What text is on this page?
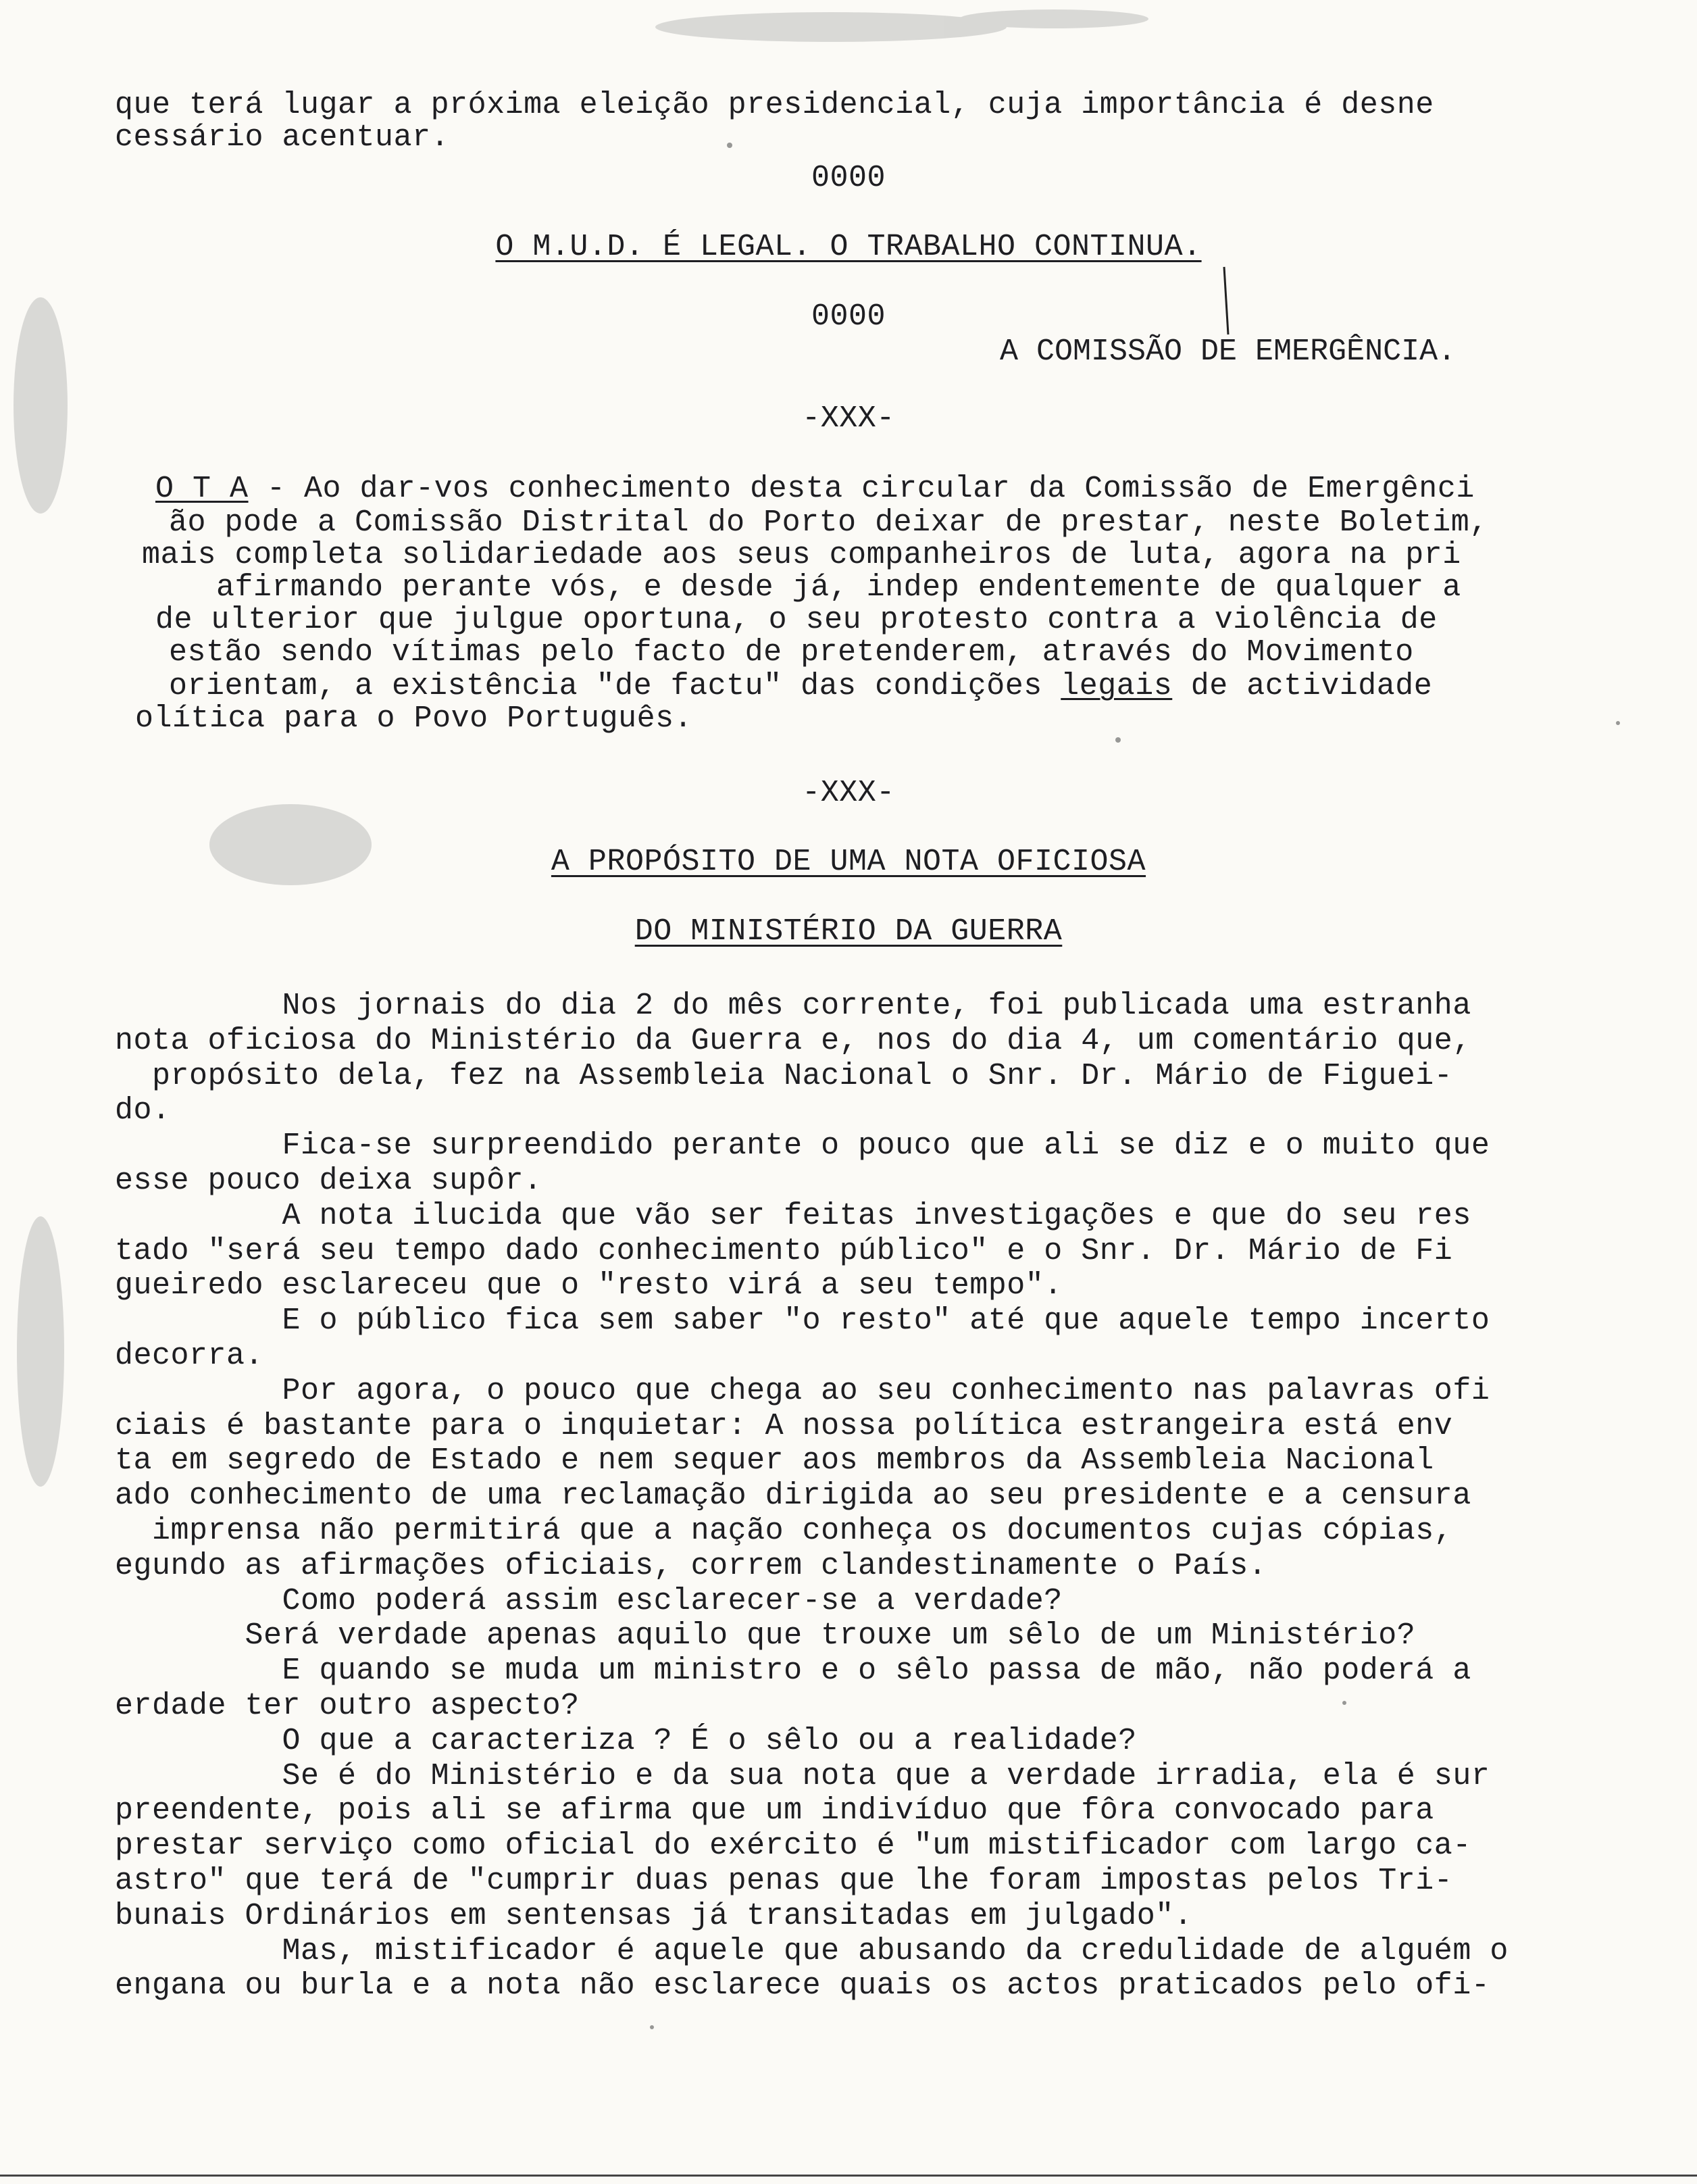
que terá lugar a próxima eleição presidencial, cuja importância é desne
cessário acentuar.
0000
O M.U.D. É LEGAL. O TRABALHO CONTINUA.
0000
A COMISSÃO DE EMERGÊNCIA.
-XXX-
O T A - Ao dar-vos conhecimento desta circular da Comissão de Emergênci
ão pode a Comissão Distrital do Porto deixar de prestar, neste Boletim,
mais completa solidariedade aos seus companheiros de luta, agora na pri
afirmando perante vós, e desde já, indep endentemente de qualquer a
de ulterior que julgue oportuna, o seu protesto contra a violência de
estão sendo vítimas pelo facto de pretenderem, através do Movimento
orientam, a existência "de factu" das condições legais de actividade
olítica para o Povo Português.
-XXX-
A PROPÓSITO DE UMA NOTA OFICIOSA
DO MINISTÉRIO DA GUERRA
Nos jornais do dia 2 do mês corrente, foi publicada uma estranha
nota oficiosa do Ministério da Guerra e, nos do dia 4, um comentário que,
propósito dela, fez na Assembleia Nacional o Snr. Dr. Mário de Figuei-
do.
Fica-se surpreendido perante o pouco que ali se diz e o muito que
esse pouco deixa supôr.
A nota ilucida que vão ser feitas investigações e que do seu res
tado "será seu tempo dado conhecimento público" e o Snr. Dr. Mário de Fi
gueiredo esclareceu que o "resto virá a seu tempo".
E o público fica sem saber "o resto" até que aquele tempo incerto
decorra.
Por agora, o pouco que chega ao seu conhecimento nas palavras ofi
ciais é bastante para o inquietar: A nossa política estrangeira está env
ta em segredo de Estado e nem sequer aos membros da Assembleia Nacional
ado conhecimento de uma reclamação dirigida ao seu presidente e a censura
imprensa não permitirá que a nação conheça os documentos cujas cópias,
egundo as afirmações oficiais, correm clandestinamente o País.
Como poderá assim esclarecer-se a verdade?
Será verdade apenas aquilo que trouxe um sêlo de um Ministério?
E quando se muda um ministro e o sêlo passa de mão, não poderá a
erdade ter outro aspecto?
O que a caracteriza ? É o sêlo ou a realidade?
Se é do Ministério e da sua nota que a verdade irradia, ela é sur
preendente, pois ali se afirma que um indivíduo que fôra convocado para
prestar serviço como oficial do exército é "um mistificador com largo ca-
astro" que terá de "cumprir duas penas que lhe foram impostas pelos Tri-
bunais Ordinários em sentensas já transitadas em julgado".
Mas, mistificador é aquele que abusando da credulidade de alguém o
engana ou burla e a nota não esclarece quais os actos praticados pelo ofi-
